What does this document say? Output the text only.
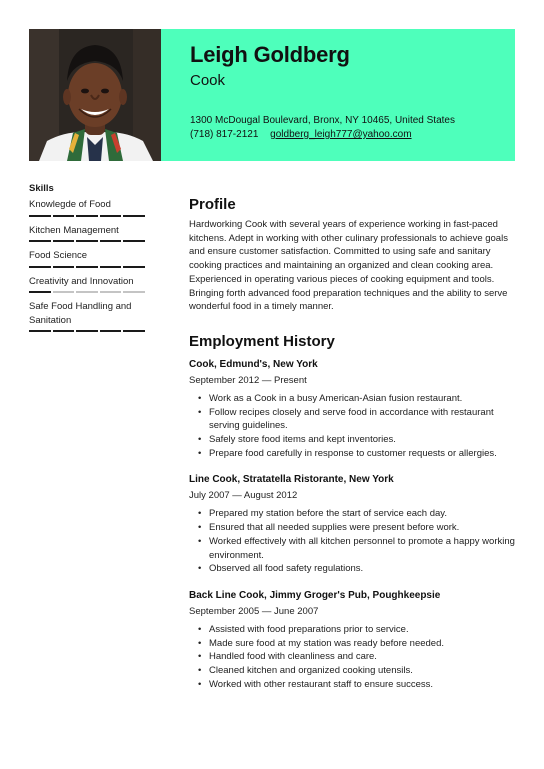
Leigh Goldberg
Cook
1300 McDougal Boulevard, Bronx, NY 10465, United States
(718) 817-2121 goldberg_leigh777@yahoo.com
Skills
Knowlegde of Food
Kitchen Management
Food Science
Creativity and Innovation
Safe Food Handling and Sanitation
Profile
Hardworking Cook with several years of experience working in fast-paced kitchens. Adept in working with other culinary professionals to achieve goals and ensure customer satisfaction. Committed to using safe and sanitary cooking practices and maintaining an organized and clean cooking area. Experienced in operating various pieces of cooking equipment and tools. Bringing forth advanced food preparation techniques and the ability to serve wonderful food in a timely manner.
Employment History
Cook, Edmund's, New York
September 2012 — Present
• Work as a Cook in a busy American-Asian fusion restaurant.
• Follow recipes closely and serve food in accordance with restaurant serving guidelines.
• Safely store food items and kept inventories.
• Prepare food carefully in response to customer requests or allergies.
Line Cook, Stratatella Ristorante, New York
July 2007 — August 2012
• Prepared my station before the start of service each day.
• Ensured that all needed supplies were present before work.
• Worked effectively with all kitchen personnel to promote a happy working environment.
• Observed all food safety regulations.
Back Line Cook, Jimmy Groger's Pub, Poughkeepsie
September 2005 — June 2007
• Assisted with food preparations prior to service.
• Made sure food at my station was ready before needed.
• Handled food with cleanliness and care.
• Cleaned kitchen and organized cooking utensils.
• Worked with other restaurant staff to ensure success.
